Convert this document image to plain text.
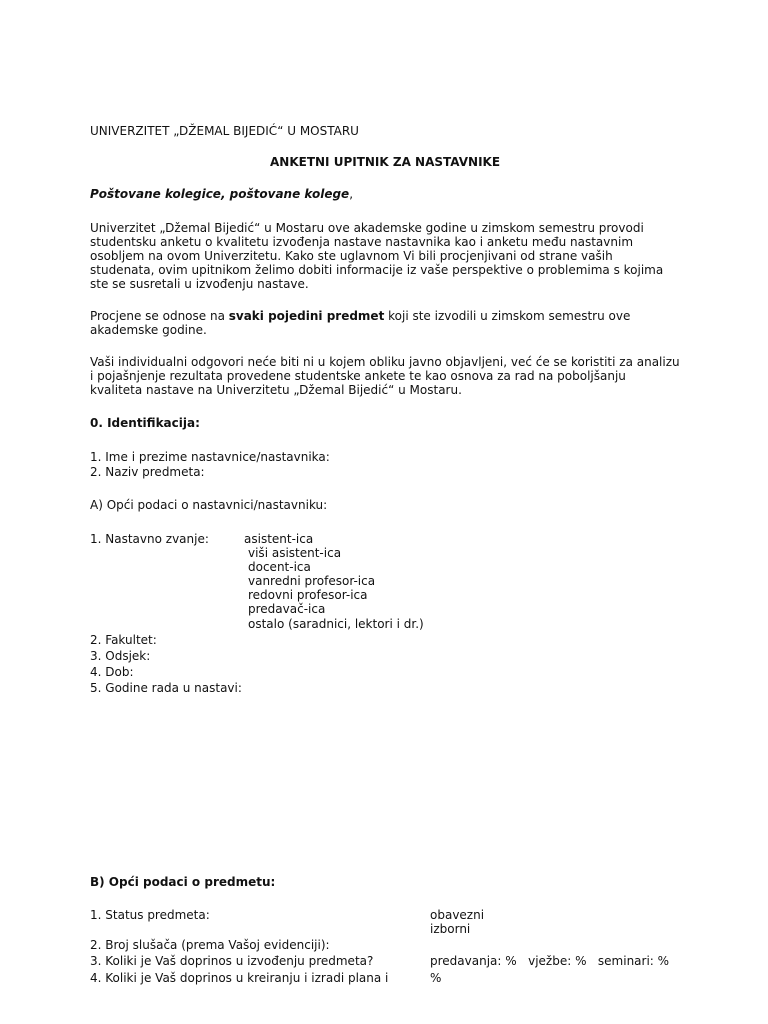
UNIVERZITET „DŽEMAL BIJEDIĆ“ U MOSTARU
ANKETNI UPITNIK ZA NASTAVNIKE
Poštovane kolegice, poštovane kolege,

Univerzitet „Džemal Bijedić“ u Mostaru ove akademske godine u zimskom semestru provodi studentsku anketu o kvalitetu izvođenja nastave nastavnika kao i anketu među nastavnim osobljem na ovom Univerzitetu. Kako ste uglavnom Vi bili procjenjivani od strane vaših studenata, ovim upitnikom želimo dobiti informacije iz vaše perspektive o problemima s kojima ste se susretali u izvođenju nastave.

Procjene se odnose na svaki pojedini predmet koji ste izvodili u zimskom semestru ove akademske godine.

Vaši individualni odgovori neće biti ni u kojem obliku javno objavljeni, već će se koristiti za analizu i pojašnjenje rezultata provedene studentske ankete te kao osnova za rad na poboljšanju kvaliteta nastave na Univerzitetu „Džemal Bijedić“ u Mostaru.

0. Identifikacija:
1. Ime i prezime nastavnice/nastavnika:
2. Naziv predmeta:
A) Opći podaci o nastavnici/nastavniku:
1. Nastavno zvanje:	asistent-ica
viši asistent-ica
docent-ica
vanredni profesor-ica
redovni profesor-ica
predavač-ica
ostalo (saradnici, lektori i dr.)
2. Fakultet:
3. Odsjek:
4. Dob:
5. Godine rada u nastavi:
B) Opći podaci o predmetu:
1. Status predmeta:	obavezni
izborni
2. Broj slušača (prema Vašoj evidenciji):
3. Koliki je Vaš doprinos u izvođenju predmeta?	predavanja: %   vježbe: %   seminari: %
4. Koliki je Vaš doprinos u kreiranju i izradi plana i	%
